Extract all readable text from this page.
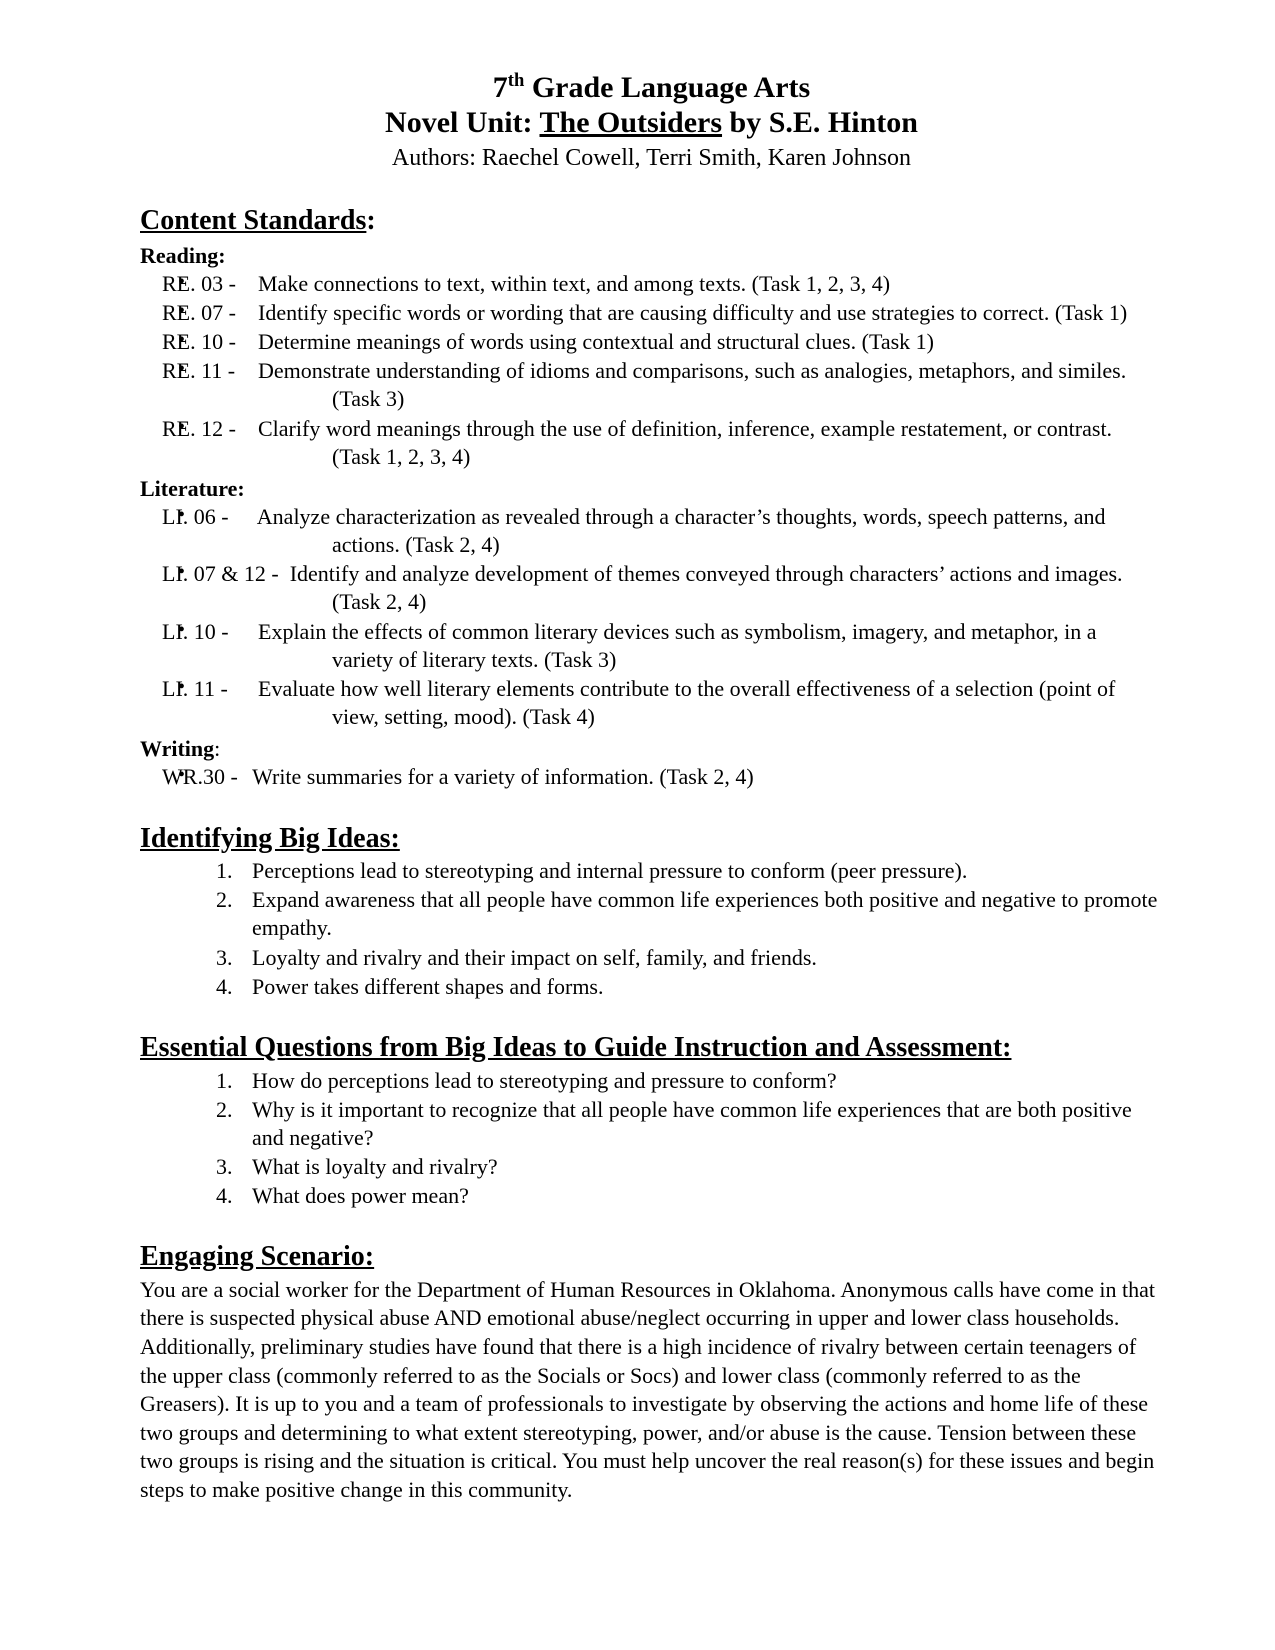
7th Grade Language Arts
Novel Unit: The Outsiders by S.E. Hinton
Authors: Raechel Cowell, Terri Smith, Karen Johnson
Content Standards:
Reading:
• RE. 03 - Make connections to text, within text, and among texts. (Task 1, 2, 3, 4)
• RE. 07 - Identify specific words or wording that are causing difficulty and use strategies to correct. (Task 1)
• RE. 10 - Determine meanings of words using contextual and structural clues. (Task 1)
• RE. 11 - Demonstrate understanding of idioms and comparisons, such as analogies, metaphors, and similes. (Task 3)
• RE. 12 - Clarify word meanings through the use of definition, inference, example restatement, or contrast. (Task 1, 2, 3, 4)
Literature:
• LI. 06 - Analyze characterization as revealed through a character’s thoughts, words, speech patterns, and actions. (Task 2, 4)
• LI. 07 & 12 - Identify and analyze development of themes conveyed through characters’ actions and images. (Task 2, 4)
• LI. 10 - Explain the effects of common literary devices such as symbolism, imagery, and metaphor, in a variety of literary texts. (Task 3)
• LI. 11 - Evaluate how well literary elements contribute to the overall effectiveness of a selection (point of view, setting, mood). (Task 4)
Writing:
• WR.30 - Write summaries for a variety of information. (Task 2, 4)
Identifying Big Ideas:
Perceptions lead to stereotyping and internal pressure to conform (peer pressure).
Expand awareness that all people have common life experiences both positive and negative to promote empathy.
Loyalty and rivalry and their impact on self, family, and friends.
Power takes different shapes and forms.
Essential Questions from Big Ideas to Guide Instruction and Assessment:
How do perceptions lead to stereotyping and pressure to conform?
Why is it important to recognize that all people have common life experiences that are both positive and negative?
What is loyalty and rivalry?
What does power mean?
Engaging Scenario:

You are a social worker for the Department of Human Resources in Oklahoma. Anonymous calls have come in that there is suspected physical abuse AND emotional abuse/neglect occurring in upper and lower class households. Additionally, preliminary studies have found that there is a high incidence of rivalry between certain teenagers of the upper class (commonly referred to as the Socials or Socs) and lower class (commonly referred to as the Greasers). It is up to you and a team of professionals to investigate by observing the actions and home life of these two groups and determining to what extent stereotyping, power, and/or abuse is the cause. Tension between these two groups is rising and the situation is critical. You must help uncover the real reason(s) for these issues and begin steps to make positive change in this community.
